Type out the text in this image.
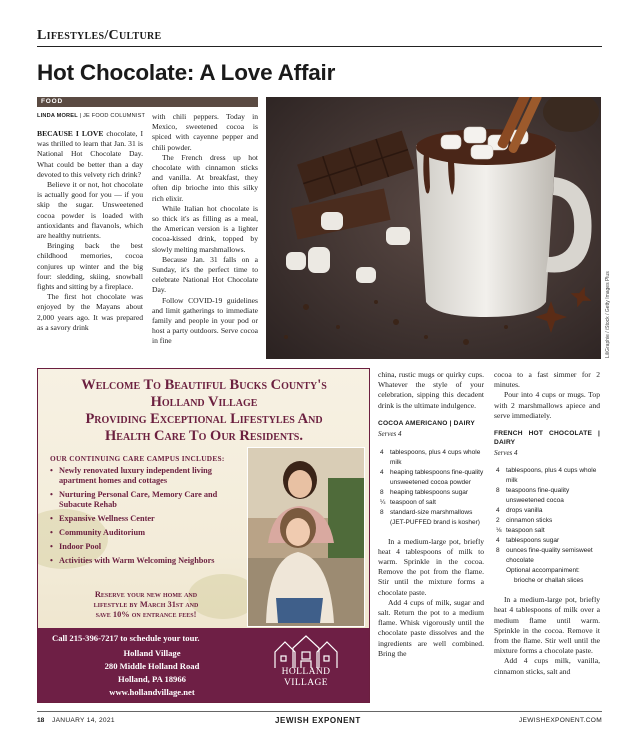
Lifestyles/Culture
Hot Chocolate: A Love Affair
FOOD
LINDA MOREL | JE FOOD COLUMNIST

BECAUSE I LOVE chocolate, I was thrilled to learn that Jan. 31 is National Hot Chocolate Day. What could be better than a day devoted to this velvety rich drink?

Believe it or not, hot chocolate is actually good for you — if you skip the sugar. Unsweetened cocoa powder is loaded with antioxidants and flavanols, which are healthy nutrients.

Bringing back the best childhood memories, cocoa conjures up winter and the big four: sledding, skiing, snowball fights and sitting by a fireplace.

The first hot chocolate was enjoyed by the Mayans about 2,000 years ago. It was prepared as a savory drink

with chili peppers. Today in Mexico, sweetened cocoa is spiced with cayenne pepper and chili powder.

The French dress up hot chocolate with cinnamon sticks and vanilla. At breakfast, they often dip brioche into this silky rich elixir.

While Italian hot chocolate is so thick it's as filling as a meal, the American version is a lighter cocoa-kissed drink, topped by slowly melting marshmallows.

Because Jan. 31 falls on a Sunday, it's the perfect time to celebrate National Hot Chocolate Day.

Follow COVID-19 guidelines and limit gatherings to immediate family and people in your pod or host a party outdoors. Serve cocoa in fine	LiliGraphie / iStock / Getty Images Plus
Welcome To Beautiful Bucks County's
Holland Village
Providing Exceptional Lifestyles And
Health Care To Our Residents.
OUR CONTINUING CARE CAMPUS INCLUDES:
• Newly renovated luxury independent living apartment homes and cottages
• Nurturing Personal Care, Memory Care and Subacute Rehab
• Expansive Wellness Center
• Community Auditorium
• Indoor Pool
• Activities with Warm Welcoming Neighbors
Reserve your new home and
lifestyle by March 31st and
save 10% on entrance fees!
Call 215-396-7217 to schedule your tour.
Holland Village
280 Middle Holland Road
Holland, PA 18966
www.hollandvillage.net
HOLLAND
VILLAGE

china, rustic mugs or quirky cups. Whatever the style of your celebration, sipping this decadent drink is the ultimate indulgence.

COCOA AMERICANO | DAIRY
Serves 4
4 tablespoons, plus 4 cups whole milk
4 heaping tablespoons fine-quality unsweetened cocoa powder
8 heaping tablespoons sugar
¼ teaspoon of salt
8 standard-size marshmallows (JET-PUFFED brand is kosher)

In a medium-large pot, briefly heat 4 tablespoons of milk to warm. Sprinkle in the cocoa. Remove the pot from the flame. Stir until the mixture forms a chocolate paste.

Add 4 cups of milk, sugar and salt. Return the pot to a medium flame. Whisk vigorously until the chocolate paste dissolves and the ingredients are well combined. Bring the

cocoa to a fast simmer for 2 minutes.

Pour into 4 cups or mugs. Top with 2 marshmallows apiece and serve immediately.

FRENCH HOT CHOCOLATE | DAIRY
Serves 4
4 tablespoons, plus 4 cups whole milk
8 teaspoons fine-quality unsweetened cocoa
4 drops vanilla
2 cinnamon sticks
⅛ teaspoon salt
4 tablespoons sugar
8 ounces fine-quality semisweet chocolate
Optional accompaniment:
brioche or challah slices

In a medium-large pot, briefly heat 4 tablespoons of milk over a medium flame until warm. Sprinkle in the cocoa. Remove it from the flame. Stir well until the mixture forms a chocolate paste.

Add 4 cups milk, vanilla, cinnamon sticks, salt and

18 JANUARY 14, 2021	JEWISH EXPONENT	JEWISHEXPONENT.COM
